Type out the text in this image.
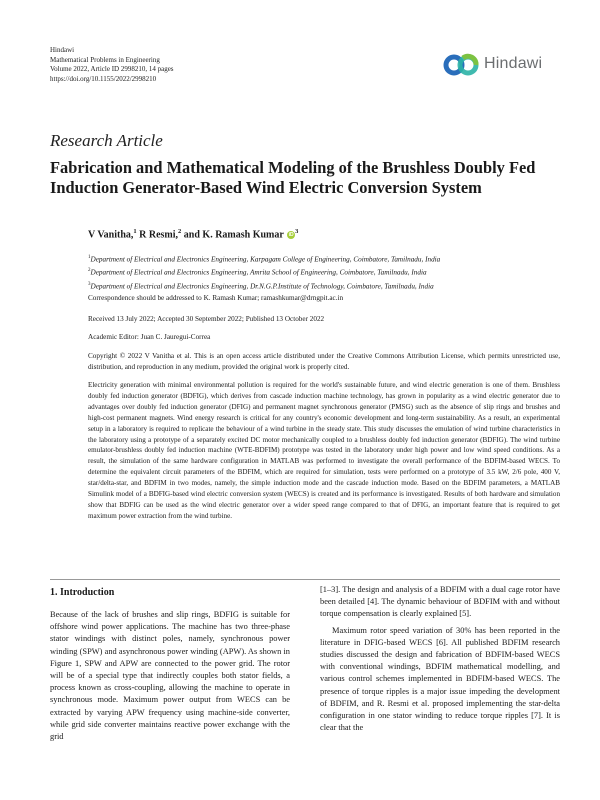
Hindawi
Mathematical Problems in Engineering
Volume 2022, Article ID 2998210, 14 pages
https://doi.org/10.1155/2022/2998210
Hindawi
Research Article
Fabrication and Mathematical Modeling of the Brushless Doubly Fed Induction Generator-Based Wind Electric Conversion System
V Vanitha,$^1$ R Resmi,$^2$ and K. Ramash Kumar $iD^3$
$^1$Department of Electrical and Electronics Engineering, Karpagam College of Engineering, Coimbatore, Tamilnadu, India
$^2$Department of Electrical and Electronics Engineering, Amrita School of Engineering, Coimbatore, Tamilnadu, India
$^3$Department of Electrical and Electronics Engineering, Dr.N.G.P.Institute of Technology, Coimbatore, Tamilnadu, India
Correspondence should be addressed to K. Ramash Kumar; ramashkumar@drngpit.ac.in
Received 13 July 2022; Accepted 30 September 2022; Published 13 October 2022
Academic Editor: Juan C. Jauregui-Correa
Copyright © 2022 V Vanitha et al. This is an open access article distributed under the Creative Commons Attribution License, which permits unrestricted use, distribution, and reproduction in any medium, provided the original work is properly cited.
Electricity generation with minimal environmental pollution is required for the world's sustainable future, and wind electric generation is one of them. Brushless doubly fed induction generator (BDFIG), which derives from cascade induction machine technology, has grown in popularity as a wind electric generator due to advantages over doubly fed induction generator (DFIG) and permanent magnet synchronous generator (PMSG) such as the absence of slip rings and brushes and high-cost permanent magnets. Wind energy research is critical for any country's economic development and long-term sustainability. As a result, an experimental setup in a laboratory is required to replicate the behaviour of a wind turbine in the steady state. This study discusses the emulation of wind turbine characteristics in the laboratory using a prototype of a separately excited DC motor mechanically coupled to a brushless doubly fed induction generator (BDFIG). The wind turbine emulator-brushless doubly fed induction machine (WTE-BDFIM) prototype was tested in the laboratory under high power and low wind speed conditions. As a result, the simulation of the same hardware configuration in MATLAB was performed to investigate the overall performance of the BDFIM-based WECS. To determine the equivalent circuit parameters of the BDFIM, which are required for simulation, tests were performed on a prototype of 3.5 kW, 2/6 pole, 400 V, star/delta-star, and BDFIM in two modes, namely, the simple induction mode and the cascade induction mode. Based on the BDFIM parameters, a MATLAB Simulink model of a BDFIG-based wind electric conversion system (WECS) is created and its performance is investigated. Results of both hardware and simulation show that BDFIG can be used as the wind electric generator over a wider speed range compared to that of DFIG, an important feature that is required to get maximum power extraction from the wind turbine.
1. Introduction

Because of the lack of brushes and slip rings, BDFIG is suitable for offshore wind power applications. The machine has two three-phase stator windings with distinct poles, namely, synchronous power winding (SPW) and asynchronous power winding (APW). As shown in Figure 1, SPW and APW are connected to the power grid. The rotor will be of a special type that indirectly couples both stator fields, a process known as cross-coupling, allowing the machine to operate in synchronous mode. Maximum power output from WECS can be extracted by varying APW frequency using machine-side converter, while grid side converter maintains reactive power exchange with the grid

[1–3]. The design and analysis of a BDFIM with a dual cage rotor have been detailed [4]. The dynamic behaviour of BDFIM with and without torque compensation is clearly explained [5].

Maximum rotor speed variation of 30% has been reported in the literature in DFIG-based WECS [6]. All published BDFIM research studies discussed the design and fabrication of BDFIM-based WECS with conventional windings, BDFIM mathematical modelling, and various control schemes implemented in BDFIM-based WECS. The presence of torque ripples is a major issue impeding the development of BDFIM, and R. Resmi et al. proposed implementing the star-delta configuration in one stator winding to reduce torque ripples [7]. It is clear that the
